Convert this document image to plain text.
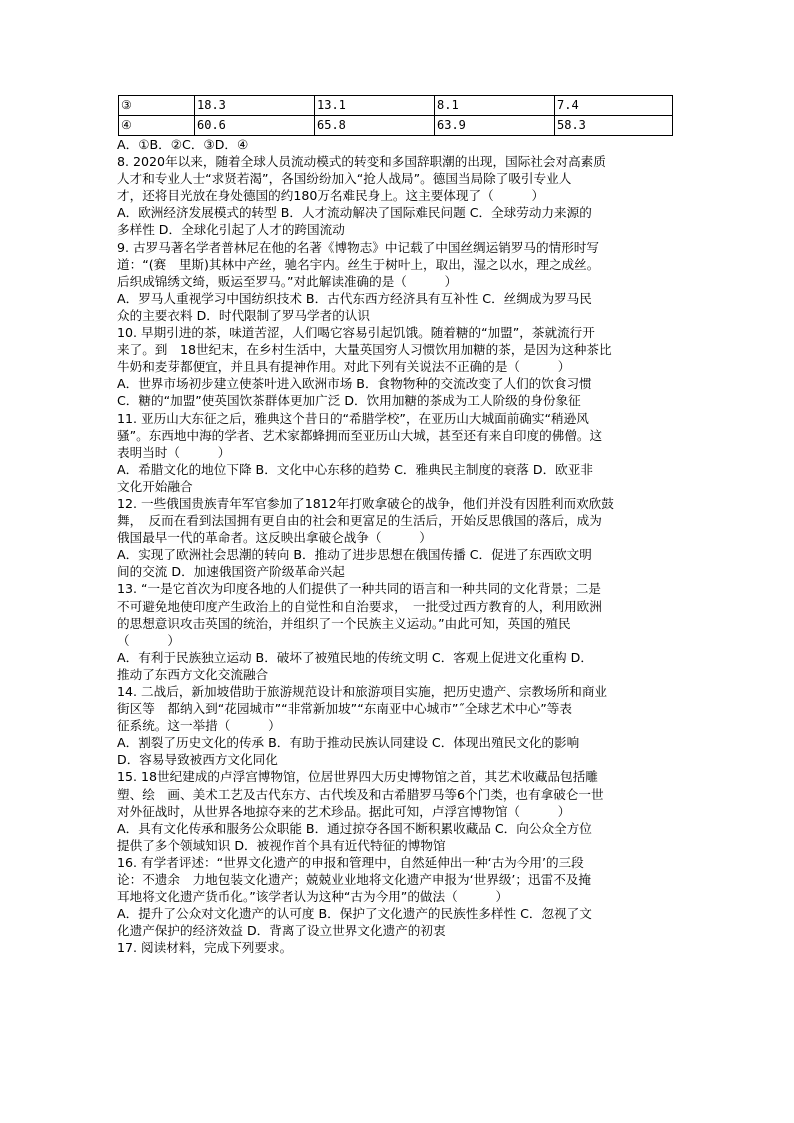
③	18.3	13.1	8.1	7.4
④	60.6	65.8	63.9	58.3
A．①B．②C．③D．④
8. 2020年以来，随着全球人员流动模式的转变和多国辞职潮的出现，国际社会对高素质
人才和专业人士“求贤若渴”，各国纷纷加入“抢人战局”。德国当局除了吸引专业人
才，还将目光放在身处德国的约180万名难民身上。这主要体现了（　　　）
A．欧洲经济发展模式的转型 B．人才流动解决了国际难民问题 C．全球劳动力来源的
多样性 D．全球化引起了人才的跨国流动
9. 古罗马著名学者普林尼在他的名著《博物志》中记载了中国丝绸运销罗马的情形时写
道：“(赛　里斯)其林中产丝，驰名宇内。丝生于树叶上，取出，湿之以水，理之成丝。
后织成锦绣文绮，贩运至罗马。”对此解读准确的是（　　　）
A．罗马人重视学习中国纺织技术 B．古代东西方经济具有互补性 C．丝绸成为罗马民
众的主要衣料 D．时代限制了罗马学者的认识
10. 早期引进的茶，味道苦涩，人们喝它容易引起饥饿。随着糖的“加盟”，茶就流行开
来了。到　18世纪末，在乡村生活中，大量英国穷人习惯饮用加糖的茶，是因为这种茶比
牛奶和麦芽都便宜，并且具有提神作用。对此下列有关说法不正确的是（　　　）
A．世界市场初步建立使茶叶进入欧洲市场 B．食物物种的交流改变了人们的饮食习惯
C．糖的“加盟”使英国饮茶群体更加广泛 D．饮用加糖的茶成为工人阶级的身份象征
11. 亚历山大东征之后，雅典这个昔日的“希腊学校”，在亚历山大城面前确实“稍逊风
骚”。东西地中海的学者、艺术家都蜂拥而至亚历山大城，甚至还有来自印度的佛僧。这
表明当时（　　　）
A．希腊文化的地位下降 B．文化中心东移的趋势 C．雅典民主制度的衰落 D．欧亚非
文化开始融合
12. 一些俄国贵族青年军官参加了1812年打败拿破仑的战争，他们并没有因胜利而欢欣鼓
舞，　反而在看到法国拥有更自由的社会和更富足的生活后，开始反思俄国的落后，成为
俄国最早一代的革命者。这反映出拿破仑战争（　　　）
A．实现了欧洲社会思潮的转向 B．推动了进步思想在俄国传播 C．促进了东西欧文明
间的交流 D．加速俄国资产阶级革命兴起
13. “一是它首次为印度各地的人们提供了一种共同的语言和一种共同的文化背景；二是
不可避免地使印度产生政治上的自觉性和自治要求，　一批受过西方教育的人，利用欧洲
的思想意识攻击英国的统治，并组织了一个民族主义运动。”由此可知，英国的殖民
（　　　）
A．有利于民族独立运动 B．破坏了被殖民地的传统文明 C．客观上促进文化重构 D．
推动了东西方文化交流融合
14. 二战后，新加坡借助于旅游规范设计和旅游项目实施，把历史遗产、宗教场所和商业
街区等　都纳入到“花园城市”“非常新加坡”“东南亚中心城市”˝全球艺术中心”等表
征系统。这一举措（　　　）
A．割裂了历史文化的传承 B．有助于推动民族认同建设 C．体现出殖民文化的影响
D．容易导致被西方文化同化
15. 18世纪建成的卢浮宫博物馆，位居世界四大历史博物馆之首，其艺术收藏品包括雕
塑、绘　画、美术工艺及古代东方、古代埃及和古希腊罗马等6个门类，也有拿破仑一世
对外征战时，从世界各地掠夺来的艺术珍品。据此可知，卢浮宫博物馆（　　　）
A．具有文化传承和服务公众职能 B．通过掠夺各国不断积累收藏品 C．向公众全方位
提供了多个领域知识 D．被视作首个具有近代特征的博物馆
16. 有学者评述：“世界文化遗产的申报和管理中，自然延伸出一种‘古为今用’的三段
论：不遗余　力地包装文化遗产；兢兢业业地将文化遗产申报为‘世界级’；迅雷不及掩
耳地将文化遗产货币化。”该学者认为这种“古为今用”的做法（　　　）
A．提升了公众对文化遗产的认可度 B．保护了文化遗产的民族性多样性 C．忽视了文
化遗产保护的经济效益 D．背离了设立世界文化遗产的初衷
17. 阅读材料，完成下列要求。
